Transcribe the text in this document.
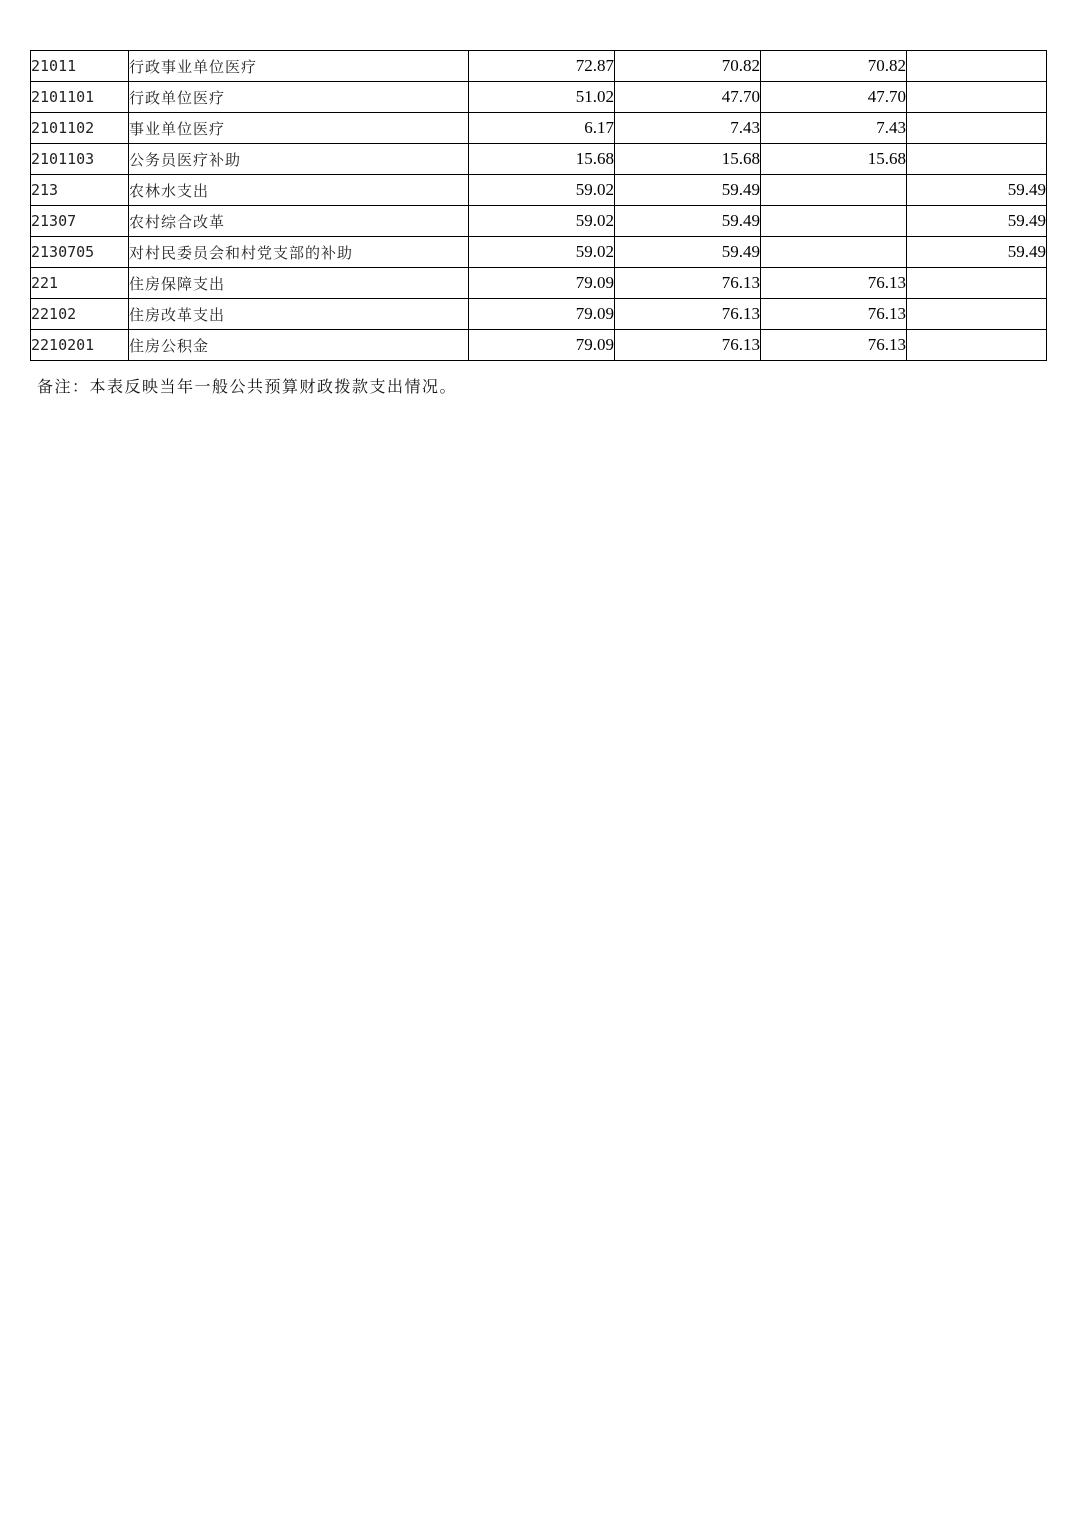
21011	行政事业单位医疗	72.87	70.82	70.82	
2101101	行政单位医疗	51.02	47.70	47.70	
2101102	事业单位医疗	6.17	7.43	7.43	
2101103	公务员医疗补助	15.68	15.68	15.68	
213	农林水支出	59.02	59.49		59.49
21307	农村综合改革	59.02	59.49		59.49
2130705	对村民委员会和村党支部的补助	59.02	59.49		59.49
221	住房保障支出	79.09	76.13	76.13	
22102	住房改革支出	79.09	76.13	76.13	
2210201	住房公积金	79.09	76.13	76.13	
备注：本表反映当年一般公共预算财政拨款支出情况。
